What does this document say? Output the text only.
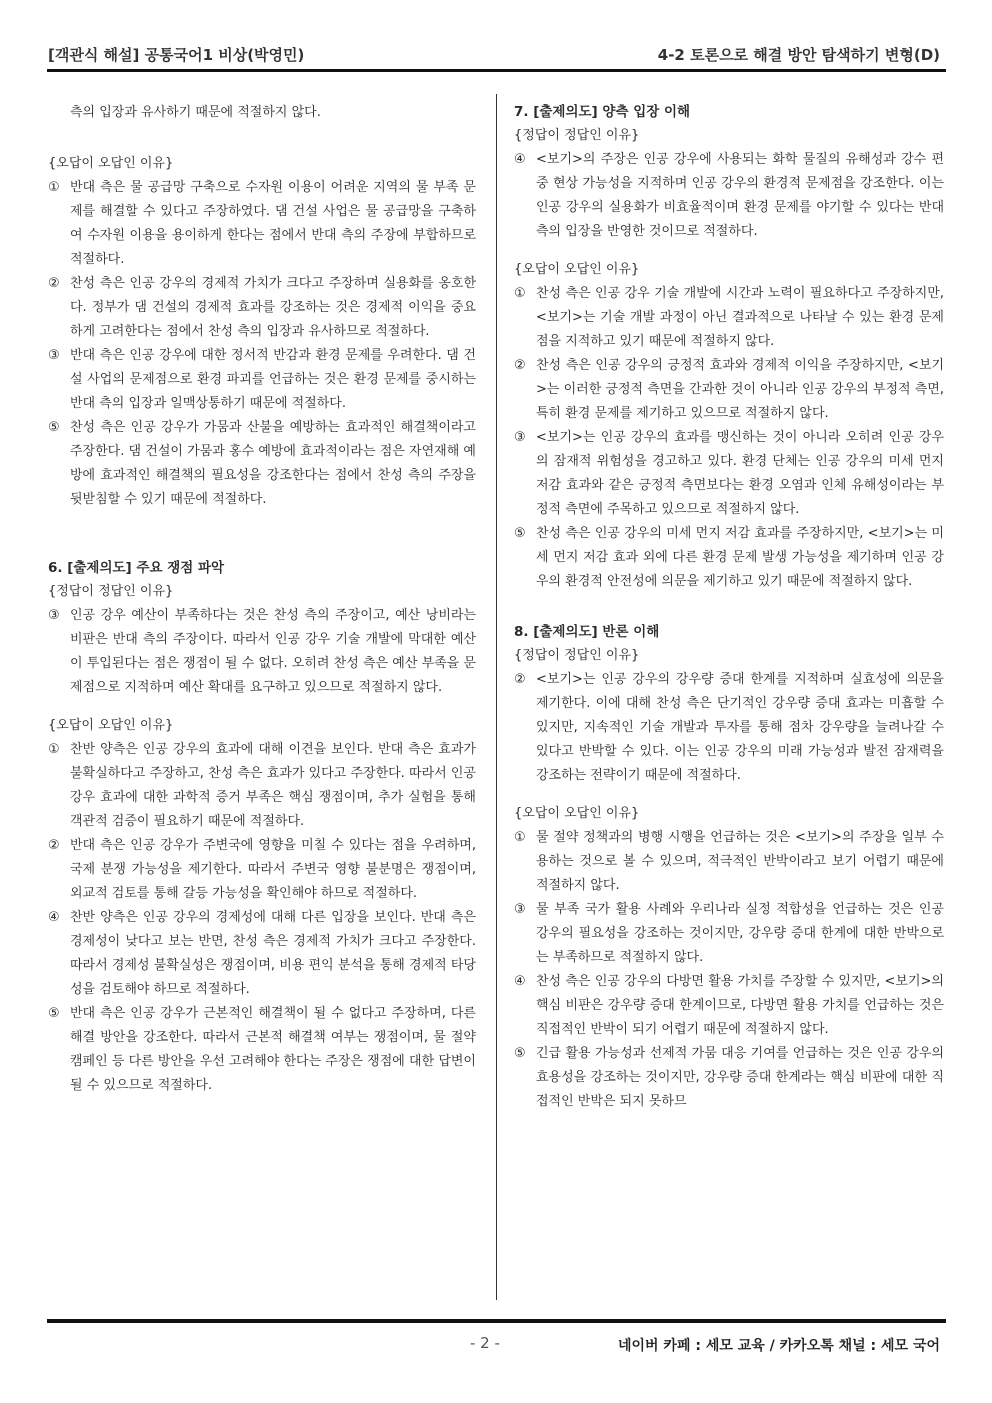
[객관식 해설] 공통국어1 비상(박영민)	4-2 토론으로 해결 방안 탐색하기 변형(D)

측의 입장과 유사하기 때문에 적절하지 않다.

{오답이 오답인 이유}

① 반대 측은 물 공급망 구축으로 수자원 이용이 어려운 지역의 물 부족 문제를 해결할 수 있다고 주장하였다. 댐 건설 사업은 물 공급망을 구축하여 수자원 이용을 용이하게 한다는 점에서 반대 측의 주장에 부합하므로 적절하다.
② 찬성 측은 인공 강우의 경제적 가치가 크다고 주장하며 실용화를 옹호한다. 정부가 댐 건설의 경제적 효과를 강조하는 것은 경제적 이익을 중요하게 고려한다는 점에서 찬성 측의 입장과 유사하므로 적절하다.
③ 반대 측은 인공 강우에 대한 정서적 반감과 환경 문제를 우려한다. 댐 건설 사업의 문제점으로 환경 파괴를 언급하는 것은 환경 문제를 중시하는 반대 측의 입장과 일맥상통하기 때문에 적절하다.
⑤ 찬성 측은 인공 강우가 가뭄과 산불을 예방하는 효과적인 해결책이라고 주장한다. 댐 건설이 가뭄과 홍수 예방에 효과적이라는 점은 자연재해 예방에 효과적인 해결책의 필요성을 강조한다는 점에서 찬성 측의 주장을 뒷받침할 수 있기 때문에 적절하다.

6. [출제의도] 주요 쟁점 파악

{정답이 정답인 이유}

③ 인공 강우 예산이 부족하다는 것은 찬성 측의 주장이고, 예산 낭비라는 비판은 반대 측의 주장이다. 따라서 인공 강우 기술 개발에 막대한 예산이 투입된다는 점은 쟁점이 될 수 없다. 오히려 찬성 측은 예산 부족을 문제점으로 지적하며 예산 확대를 요구하고 있으므로 적절하지 않다.

{오답이 오답인 이유}

① 찬반 양측은 인공 강우의 효과에 대해 이견을 보인다. 반대 측은 효과가 불확실하다고 주장하고, 찬성 측은 효과가 있다고 주장한다. 따라서 인공 강우 효과에 대한 과학적 증거 부족은 핵심 쟁점이며, 추가 실험을 통해 객관적 검증이 필요하기 때문에 적절하다.
② 반대 측은 인공 강우가 주변국에 영향을 미칠 수 있다는 점을 우려하며, 국제 분쟁 가능성을 제기한다. 따라서 주변국 영향 불분명은 쟁점이며, 외교적 검토를 통해 갈등 가능성을 확인해야 하므로 적절하다.
④ 찬반 양측은 인공 강우의 경제성에 대해 다른 입장을 보인다. 반대 측은 경제성이 낮다고 보는 반면, 찬성 측은 경제적 가치가 크다고 주장한다. 따라서 경제성 불확실성은 쟁점이며, 비용 편익 분석을 통해 경제적 타당성을 검토해야 하므로 적절하다.
⑤ 반대 측은 인공 강우가 근본적인 해결책이 될 수 없다고 주장하며, 다른 해결 방안을 강조한다. 따라서 근본적 해결책 여부는 쟁점이며, 물 절약 캠페인 등 다른 방안을 우선 고려해야 한다는 주장은 쟁점에 대한 답변이 될 수 있으므로 적절하다.

7. [출제의도] 양측 입장 이해

{정답이 정답인 이유}

④ <보기>의 주장은 인공 강우에 사용되는 화학 물질의 유해성과 강수 편중 현상 가능성을 지적하며 인공 강우의 환경적 문제점을 강조한다. 이는 인공 강우의 실용화가 비효율적이며 환경 문제를 야기할 수 있다는 반대 측의 입장을 반영한 것이므로 적절하다.

{오답이 오답인 이유}

① 찬성 측은 인공 강우 기술 개발에 시간과 노력이 필요하다고 주장하지만, <보기>는 기술 개발 과정이 아닌 결과적으로 나타날 수 있는 환경 문제점을 지적하고 있기 때문에 적절하지 않다.
② 찬성 측은 인공 강우의 긍정적 효과와 경제적 이익을 주장하지만, <보기>는 이러한 긍정적 측면을 간과한 것이 아니라 인공 강우의 부정적 측면, 특히 환경 문제를 제기하고 있으므로 적절하지 않다.
③ <보기>는 인공 강우의 효과를 맹신하는 것이 아니라 오히려 인공 강우의 잠재적 위험성을 경고하고 있다. 환경 단체는 인공 강우의 미세 먼지 저감 효과와 같은 긍정적 측면보다는 환경 오염과 인체 유해성이라는 부정적 측면에 주목하고 있으므로 적절하지 않다.
⑤ 찬성 측은 인공 강우의 미세 먼지 저감 효과를 주장하지만, <보기>는 미세 먼지 저감 효과 외에 다른 환경 문제 발생 가능성을 제기하며 인공 강우의 환경적 안전성에 의문을 제기하고 있기 때문에 적절하지 않다.

8. [출제의도] 반론 이해

{정답이 정답인 이유}

② <보기>는 인공 강우의 강우량 증대 한계를 지적하며 실효성에 의문을 제기한다. 이에 대해 찬성 측은 단기적인 강우량 증대 효과는 미흡할 수 있지만, 지속적인 기술 개발과 투자를 통해 점차 강우량을 늘려나갈 수 있다고 반박할 수 있다. 이는 인공 강우의 미래 가능성과 발전 잠재력을 강조하는 전략이기 때문에 적절하다.

{오답이 오답인 이유}

① 물 절약 정책과의 병행 시행을 언급하는 것은 <보기>의 주장을 일부 수용하는 것으로 볼 수 있으며, 적극적인 반박이라고 보기 어렵기 때문에 적절하지 않다.
③ 물 부족 국가 활용 사례와 우리나라 실정 적합성을 언급하는 것은 인공 강우의 필요성을 강조하는 것이지만, 강우량 증대 한계에 대한 반박으로는 부족하므로 적절하지 않다.
④ 찬성 측은 인공 강우의 다방면 활용 가치를 주장할 수 있지만, <보기>의 핵심 비판은 강우량 증대 한계이므로, 다방면 활용 가치를 언급하는 것은 직접적인 반박이 되기 어렵기 때문에 적절하지 않다.
⑤ 긴급 활용 가능성과 선제적 가뭄 대응 기여를 언급하는 것은 인공 강우의 효용성을 강조하는 것이지만, 강우량 증대 한계라는 핵심 비판에 대한 직접적인 반박은 되지 못하므
- 2 -	네이버 카페 : 세모 교육 / 카카오톡 채널 : 세모 국어
